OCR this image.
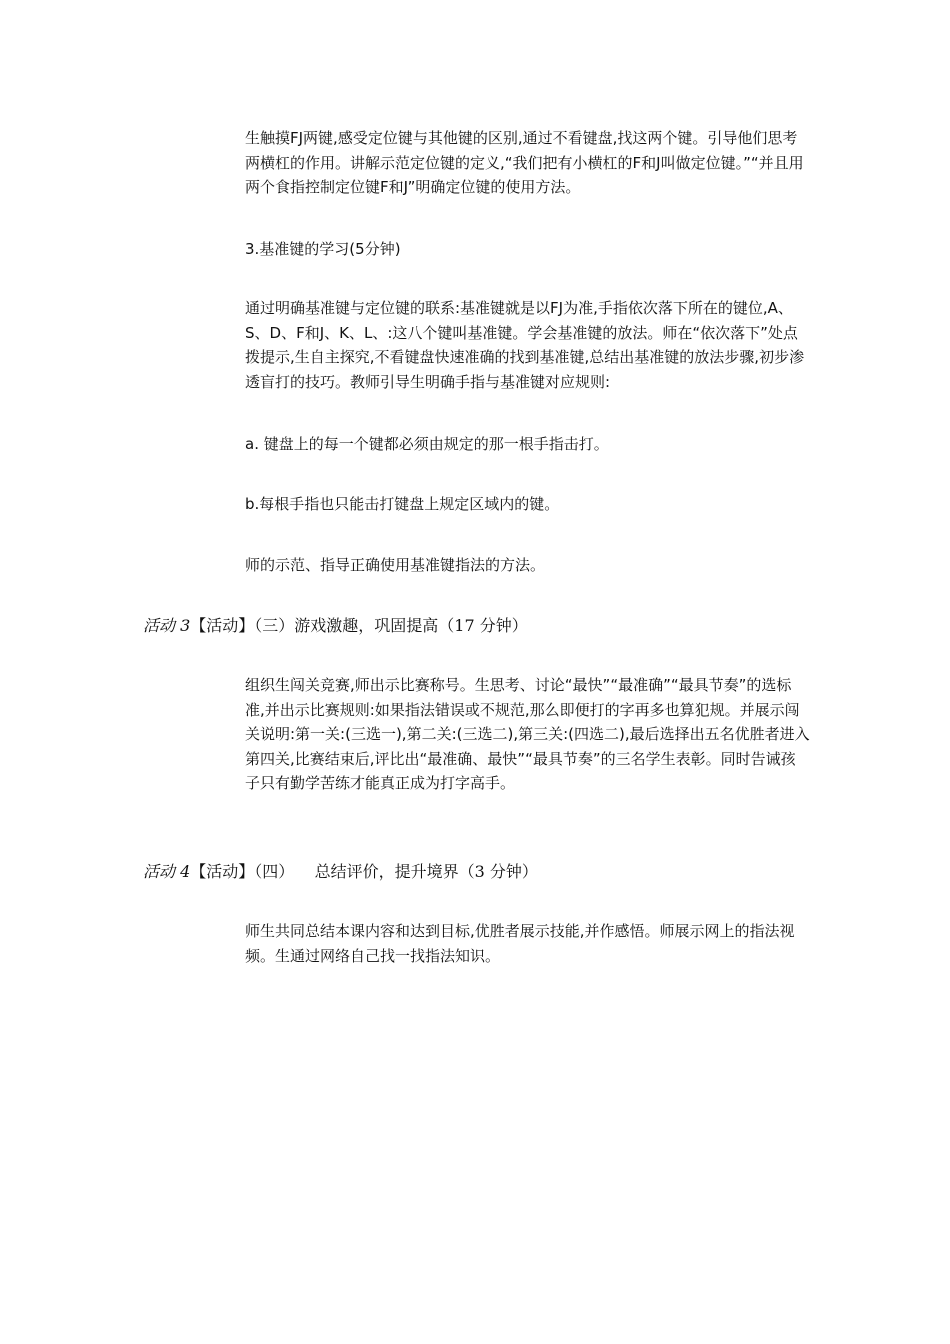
生触摸FJ两键,感受定位键与其他键的区别,通过不看键盘,找这两个键。引导他们思考两横杠的作用。讲解示范定位键的定义,“我们把有小横杠的F和J叫做定位键。”“并且用两个食指控制定位键F和J”明确定位键的使用方法。

3.基准键的学习(5分钟)

通过明确基准键与定位键的联系:基准键就是以FJ为准,手指依次落下所在的键位,A、S、D、F和J、K、L、:这八个键叫基准键。学会基准键的放法。师在“依次落下”处点拨提示,生自主探究,不看键盘快速准确的找到基准键,总结出基准键的放法步骤,初步渗透盲打的技巧。教师引导生明确手指与基准键对应规则:

a. 键盘上的每一个键都必须由规定的那一根手指击打。

b.每根手指也只能击打键盘上规定区域内的键。

师的示范、指导正确使用基准键指法的方法。

活动 3【活动】（三）游戏激趣，巩固提高（17 分钟）

组织生闯关竞赛,师出示比赛称号。生思考、讨论“最快”“最准确”“最具节奏”的选标准,并出示比赛规则:如果指法错误或不规范,那么即便打的字再多也算犯规。并展示闯关说明:第一关:(三选一),第二关:(三选二),第三关:(四选二),最后选择出五名优胜者进入第四关,比赛结束后,评比出“最准确、最快”“最具节奏”的三名学生表彰。同时告诫孩子只有勤学苦练才能真正成为打字高手。

活动 4【活动】（四）    总结评价，提升境界（3 分钟）

师生共同总结本课内容和达到目标,优胜者展示技能,并作感悟。师展示网上的指法视频。生通过网络自己找一找指法知识。
